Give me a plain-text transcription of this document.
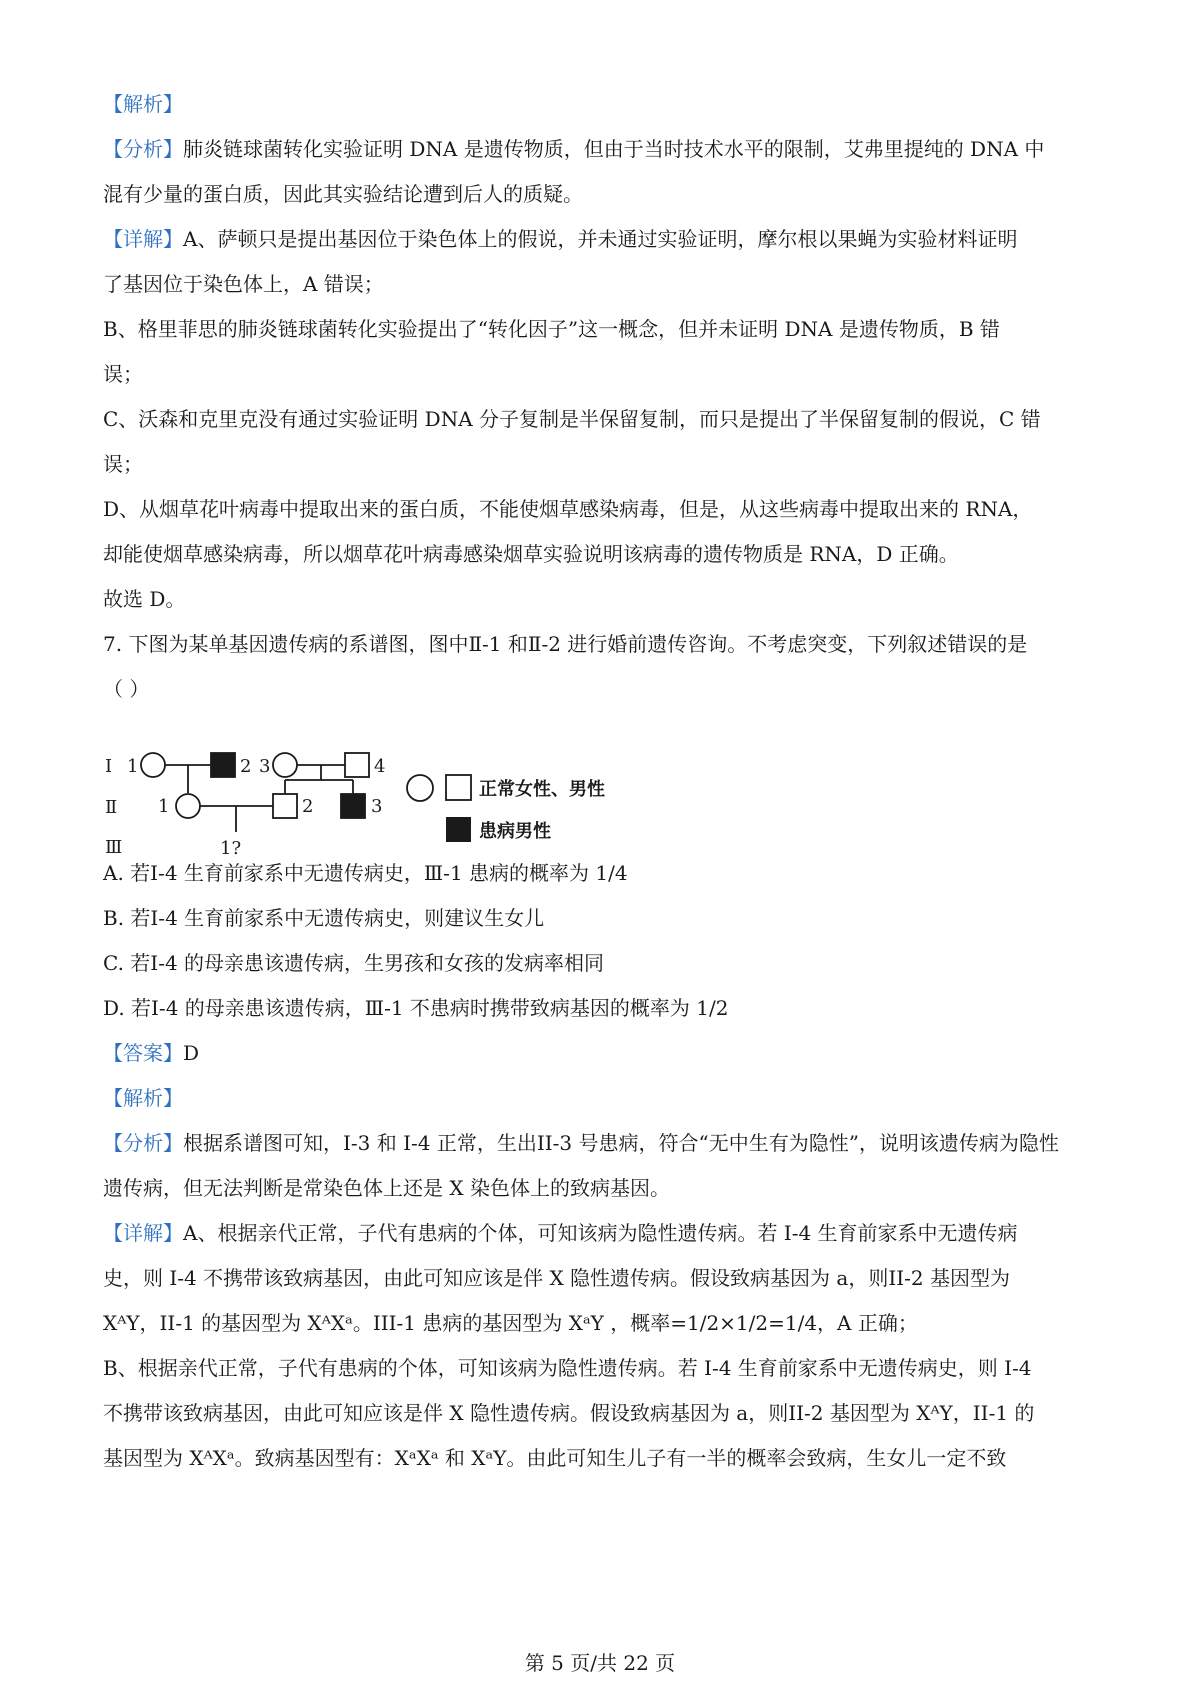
【解析】
【分析】肺炎链球菌转化实验证明 DNA 是遗传物质，但由于当时技术水平的限制，艾弗里提纯的 DNA 中
混有少量的蛋白质，因此其实验结论遭到后人的质疑。
【详解】A、萨顿只是提出基因位于染色体上的假说，并未通过实验证明，摩尔根以果蝇为实验材料证明
了基因位于染色体上，A 错误；
B、格里菲思的肺炎链球菌转化实验提出了“转化因子”这一概念，但并未证明 DNA 是遗传物质，B 错
误；
C、沃森和克里克没有通过实验证明 DNA 分子复制是半保留复制，而只是提出了半保留复制的假说，C 错
误；
D、从烟草花叶病毒中提取出来的蛋白质，不能使烟草感染病毒，但是，从这些病毒中提取出来的 RNA，
却能使烟草感染病毒，所以烟草花叶病毒感染烟草实验说明该病毒的遗传物质是 RNA，D 正确。
故选 D。
7. 下图为某单基因遗传病的系谱图，图中Ⅱ-1 和Ⅱ-2 进行婚前遗传咨询。不考虑突变，下列叙述错误的是
（ ）
A. 若I-4 生育前家系中无遗传病史，Ⅲ-1 患病的概率为 1/4
B. 若I-4 生育前家系中无遗传病史，则建议生女儿
C. 若I-4 的母亲患该遗传病，生男孩和女孩的发病率相同
D. 若I-4 的母亲患该遗传病，Ⅲ-1 不患病时携带致病基因的概率为 1/2
【答案】D
【解析】
【分析】根据系谱图可知，I-3 和 I-4 正常，生出II-3 号患病，符合“无中生有为隐性”，说明该遗传病为隐性
遗传病，但无法判断是常染色体上还是 X 染色体上的致病基因。
【详解】A、根据亲代正常，子代有患病的个体，可知该病为隐性遗传病。若 I-4 生育前家系中无遗传病
史，则 I-4 不携带该致病基因，由此可知应该是伴 X 隐性遗传病。假设致病基因为 a，则II-2 基因型为
XᴬY，II-1 的基因型为 XᴬXᵃ。III-1 患病的基因型为 XᵃY ，概率=1/2×1/2=1/4，A 正确；
B、根据亲代正常，子代有患病的个体，可知该病为隐性遗传病。若 I-4 生育前家系中无遗传病史，则 I-4
不携带该致病基因，由此可知应该是伴 X 隐性遗传病。假设致病基因为 a，则II-2 基因型为 XᴬY，II-1 的
基因型为 XᴬXᵃ。致病基因型有：XᵃXᵃ 和 XᵃY。由此可知生儿子有一半的概率会致病，生女儿一定不致
Ⅰ
Ⅱ
Ⅲ
1	2 3	4
1	2	3
1?
正常女性、男性
患病男性
第 5 页/共 22 页
